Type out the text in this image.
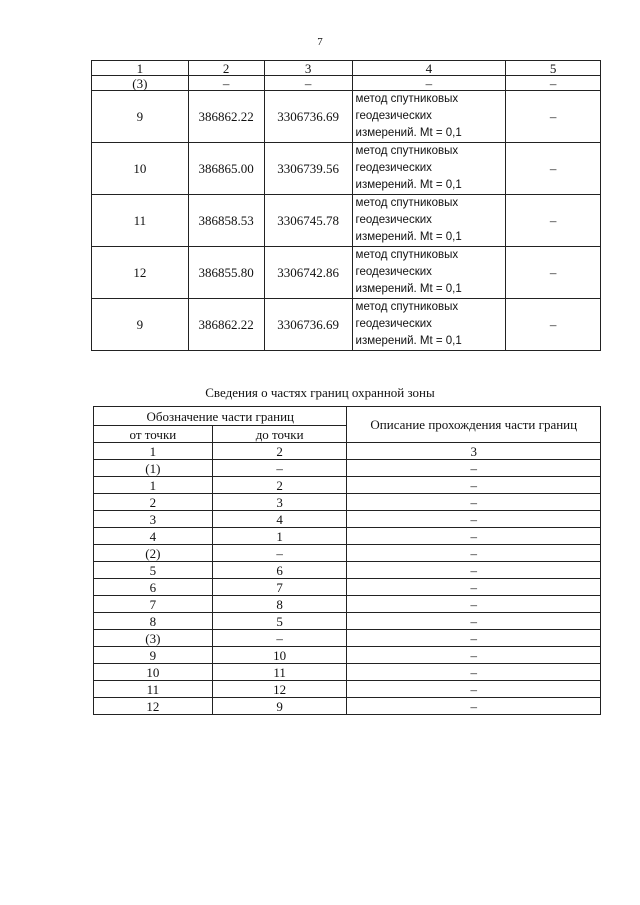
7
1	2	3	4	5
(3)	–	–	–	–
9	386862.22	3306736.69	метод спутниковых
геодезических
измерений. Mt = 0,1	–
10	386865.00	3306739.56	метод спутниковых
геодезических
измерений. Mt = 0,1	–
11	386858.53	3306745.78	метод спутниковых
геодезических
измерений. Mt = 0,1	–
12	386855.80	3306742.86	метод спутниковых
геодезических
измерений. Mt = 0,1	–
9	386862.22	3306736.69	метод спутниковых
геодезических
измерений. Mt = 0,1	–
Сведения о частях границ охранной зоны
Обозначение части границ		Описание прохождения части границ
от точки	до точки	
1	2	3
(1)	–	–
1	2	–
2	3	–
3	4	–
4	1	–
(2)	–	–
5	6	–
6	7	–
7	8	–
8	5	–
(3)	–	–
9	10	–
10	11	–
11	12	–
12	9	–
